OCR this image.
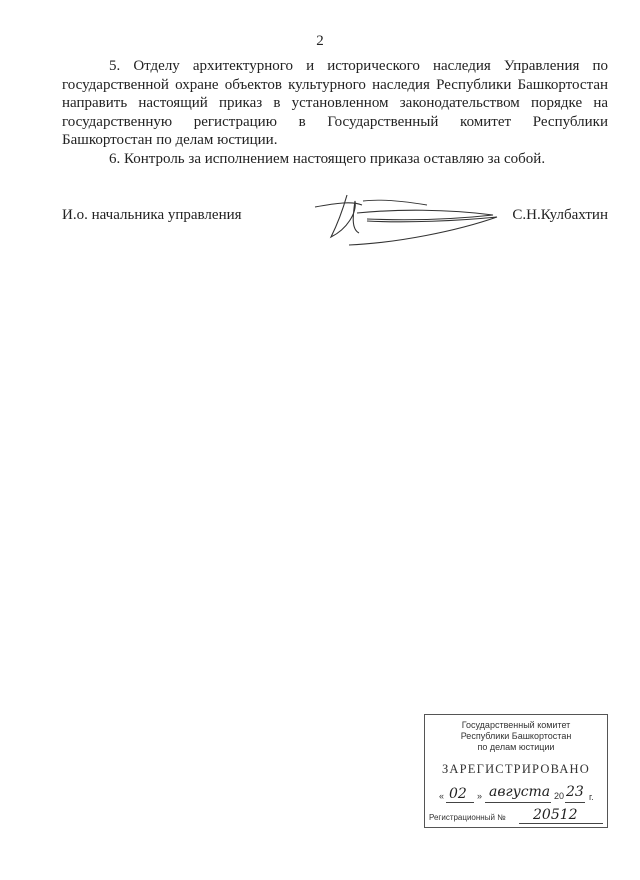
2

5. Отделу архитектурного и исторического наследия Управления по государственной охране объектов культурного наследия Республики Башкортостан направить настоящий приказ в установленном законодательством порядке на государственную регистрацию в Государственный комитет Республики Башкортостан по делам юстиции.

6. Контроль за исполнением настоящего приказа оставляю за собой.

И.о. начальника управления	С.Н.Кулбахтин
Государственный комитет
Республики Башкортостан
по делам юстиции
ЗАРЕГИСТРИРОВАНО
« 02 » августа 20 23 г.
Регистрационный № 20512
